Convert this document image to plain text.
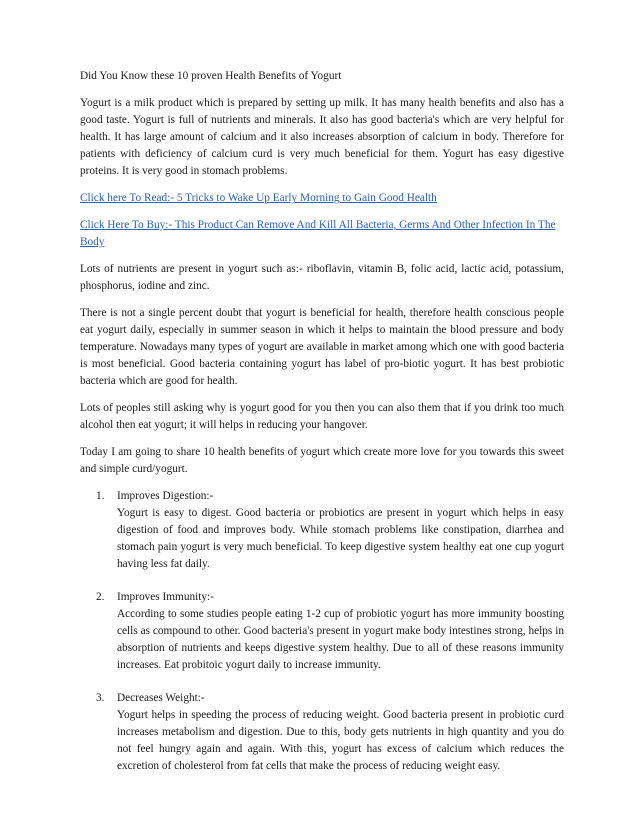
Did You Know these 10 proven Health Benefits of Yogurt

Yogurt is a milk product which is prepared by setting up milk. It has many health benefits and also has a good taste. Yogurt is full of nutrients and minerals. It also has good bacteria's which are very helpful for health. It has large amount of calcium and it also increases absorption of calcium in body. Therefore for patients with deficiency of calcium curd is very much beneficial for them. Yogurt has easy digestive proteins. It is very good in stomach problems.

Click here To Read:- 5 Tricks to Wake Up Early Morning to Gain Good Health
Click Here To Buy:- This Product Can Remove And Kill All Bacteria, Germs And Other Infection In The Body

Lots of nutrients are present in yogurt such as:- riboflavin, vitamin B, folic acid, lactic acid, potassium, phosphorus, iodine and zinc.

There is not a single percent doubt that yogurt is beneficial for health, therefore health conscious people eat yogurt daily, especially in summer season in which it helps to maintain the blood pressure and body temperature. Nowadays many types of yogurt are available in market among which one with good bacteria is most beneficial. Good bacteria containing yogurt has label of pro-biotic yogurt. It has best probiotic bacteria which are good for health.

Lots of peoples still asking why is yogurt good for you then you can also them that if you drink too much alcohol then eat yogurt; it will helps in reducing your hangover.

Today I am going to share 10 health benefits of yogurt which create more love for you towards this sweet and simple curd/yogurt.

1. Improves Digestion:-
Yogurt is easy to digest. Good bacteria or probiotics are present in yogurt which helps in easy digestion of food and improves body. While stomach problems like constipation, diarrhea and stomach pain yogurt is very much beneficial. To keep digestive system healthy eat one cup yogurt having less fat daily.
2. Improves Immunity:-
According to some studies people eating 1-2 cup of probiotic yogurt has more immunity boosting cells as compound to other. Good bacteria's present in yogurt make body intestines strong, helps in absorption of nutrients and keeps digestive system healthy. Due to all of these reasons immunity increases. Eat probitoic yogurt daily to increase immunity.
3. Decreases Weight:-
Yogurt helps in speeding the process of reducing weight. Good bacteria present in probiotic curd increases metabolism and digestion. Due to this, body gets nutrients in high quantity and you do not feel hungry again and again. With this, yogurt has excess of calcium which reduces the excretion of cholesterol from fat cells that make the process of reducing weight easy.
